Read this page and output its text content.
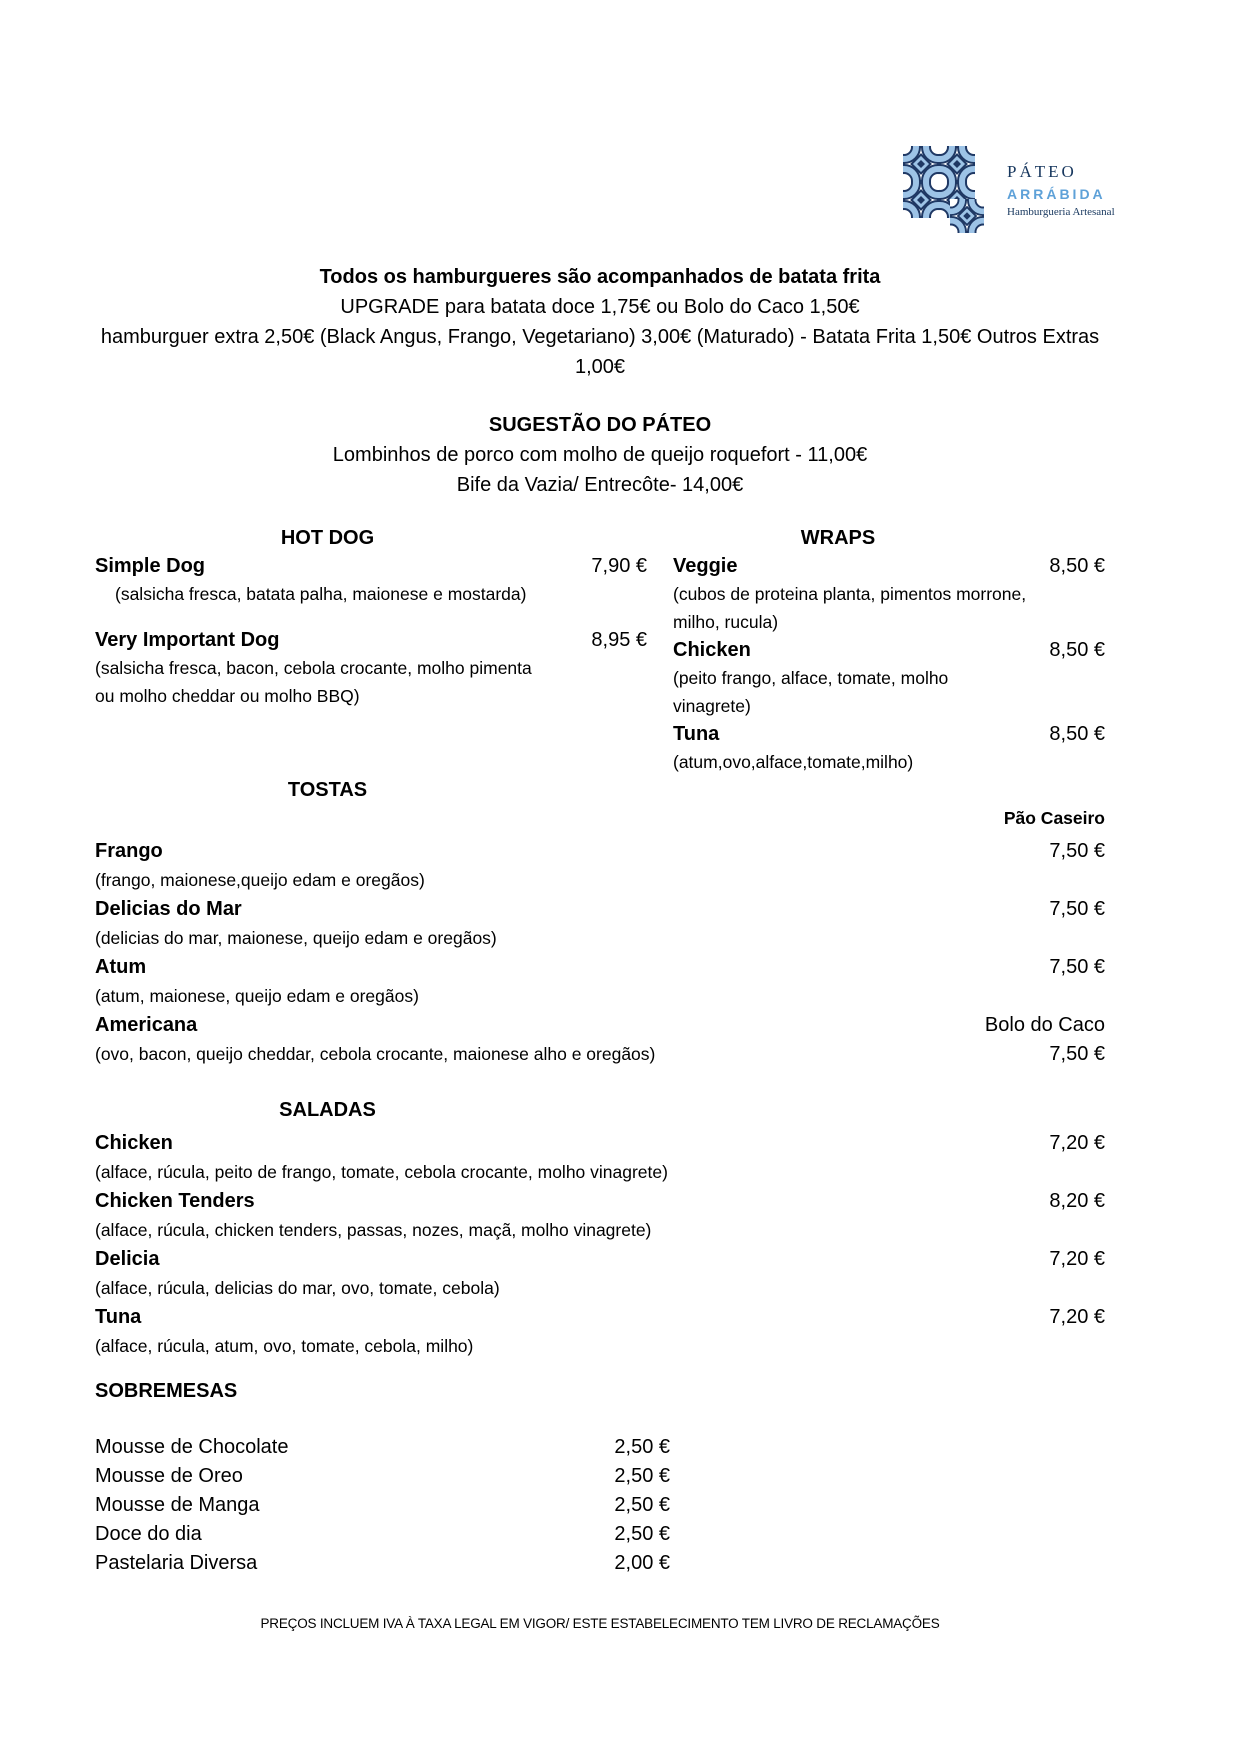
PÁTEO
ARRÁBIDA
Hamburgueria Artesanal
Todos os hamburgueres são acompanhados de batata frita
UPGRADE para batata doce 1,75€ ou Bolo do Caco 1,50€
hamburguer extra 2,50€ (Black Angus, Frango, Vegetariano) 3,00€ (Maturado) - Batata Frita 1,50€ Outros Extras
1,00€
SUGESTÃO DO PÁTEO
Lombinhos de porco com molho de queijo roquefort - 11,00€
Bife da Vazia/ Entrecôte- 14,00€
HOT DOG
Simple Dog	7,90 €
(salsicha fresca, batata palha, maionese e mostarda)
Very Important Dog	8,95 €
(salsicha fresca, bacon, cebola crocante, molho pimenta
ou molho cheddar ou molho BBQ)
WRAPS
Veggie	8,50 €
(cubos de proteina planta, pimentos morrone,
milho, rucula)
Chicken	8,50 €
(peito frango, alface, tomate, molho
vinagrete)
Tuna	8,50 €
(atum,ovo,alface,tomate,milho)
TOSTAS
Pão Caseiro
Frango	7,50 €
(frango, maionese,queijo edam e oregãos)
Delicias do Mar	7,50 €
(delicias do mar, maionese, queijo edam e oregãos)
Atum	7,50 €
(atum, maionese, queijo edam e oregãos)
Americana	Bolo do Caco
(ovo, bacon, queijo cheddar, cebola crocante, maionese alho e oregãos)	7,50 €
SALADAS
Chicken	7,20 €
(alface, rúcula, peito de frango, tomate, cebola crocante, molho vinagrete)
Chicken Tenders	8,20 €
(alface, rúcula, chicken tenders, passas, nozes, maçã, molho vinagrete)
Delicia	7,20 €
(alface, rúcula, delicias do mar, ovo, tomate, cebola)
Tuna	7,20 €
(alface, rúcula, atum, ovo, tomate, cebola, milho)
SOBREMESAS
Mousse de Chocolate	2,50 €
Mousse de Oreo	2,50 €
Mousse de Manga	2,50 €
Doce do dia	2,50 €
Pastelaria Diversa	2,00 €
PREÇOS INCLUEM IVA À TAXA LEGAL EM VIGOR/ ESTE ESTABELECIMENTO TEM LIVRO DE RECLAMAÇÕES
